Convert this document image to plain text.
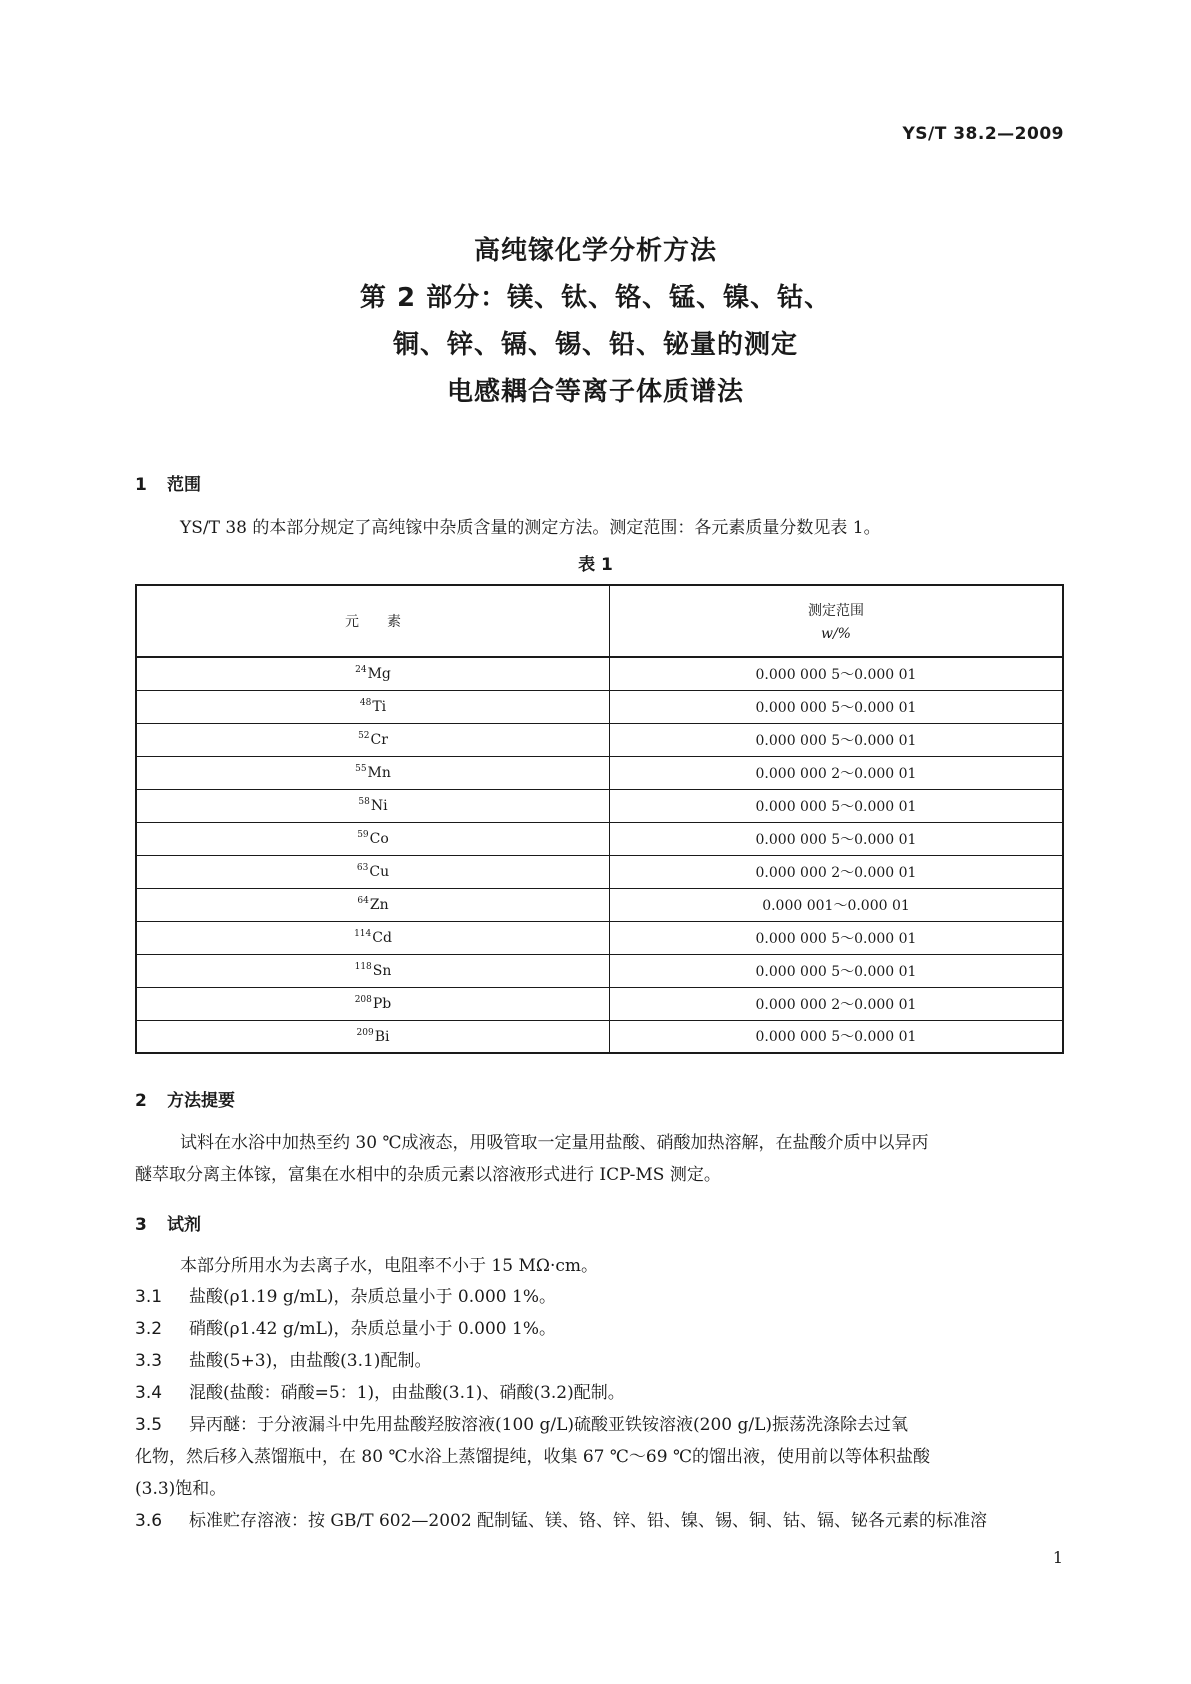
YS/T 38.2—2009
高纯镓化学分析方法
第 2 部分：镁、钛、铬、锰、镍、钴、
铜、锌、镉、锡、铅、铋量的测定
电感耦合等离子体质谱法
1 范围
YS/T 38 的本部分规定了高纯镓中杂质含量的测定方法。测定范围：各元素质量分数见表 1。
表 1
元　　素	测定范围
w/%

$^{24}$Mg	0.000 000 5～0.000 01
$^{48}$Ti	0.000 000 5～0.000 01
$^{52}$Cr	0.000 000 5～0.000 01
$^{55}$Mn	0.000 000 2～0.000 01
$^{58}$Ni	0.000 000 5～0.000 01
$^{59}$Co	0.000 000 5～0.000 01
$^{63}$Cu	0.000 000 2～0.000 01
$^{64}$Zn	0.000 001～0.000 01
$^{114}$Cd	0.000 000 5～0.000 01
$^{118}$Sn	0.000 000 5～0.000 01
$^{208}$Pb	0.000 000 2～0.000 01
$^{209}$Bi	0.000 000 5～0.000 01
2 方法提要
试料在水浴中加热至约 30 ℃成液态，用吸管取一定量用盐酸、硝酸加热溶解，在盐酸介质中以异丙
醚萃取分离主体镓，富集在水相中的杂质元素以溶液形式进行 ICP-MS 测定。
3 试剂
本部分所用水为去离子水，电阻率不小于 15 MΩ·cm。
3.1 盐酸(ρ1.19 g/mL)，杂质总量小于 0.000 1%。
3.2 硝酸(ρ1.42 g/mL)，杂质总量小于 0.000 1%。
3.3 盐酸(5+3)，由盐酸(3.1)配制。
3.4 混酸(盐酸：硝酸=5：1)，由盐酸(3.1)、硝酸(3.2)配制。
3.5 异丙醚：于分液漏斗中先用盐酸羟胺溶液(100 g/L)硫酸亚铁铵溶液(200 g/L)振荡洗涤除去过氧
化物，然后移入蒸馏瓶中，在 80 ℃水浴上蒸馏提纯，收集 67 ℃～69 ℃的馏出液，使用前以等体积盐酸
(3.3)饱和。
3.6 标准贮存溶液：按 GB/T 602—2002 配制锰、镁、铬、锌、铅、镍、锡、铜、钴、镉、铋各元素的标准溶
1
